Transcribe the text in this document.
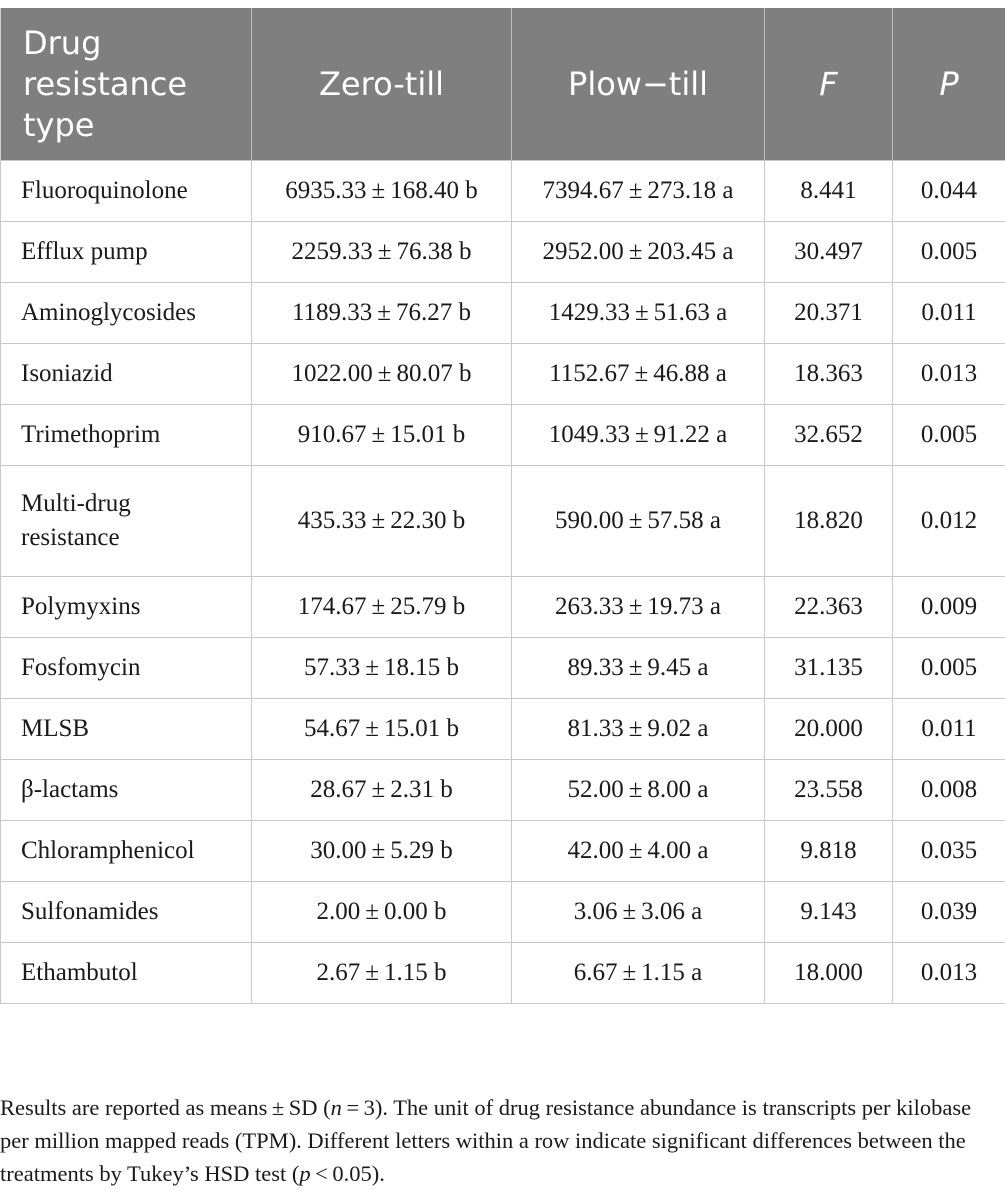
Drug resistance type	Zero-till	Plow−till	F	P
Fluoroquinolone	6935.33 ± 168.40 b	7394.67 ± 273.18 a	8.441	0.044
Efflux pump	2259.33 ± 76.38 b	2952.00 ± 203.45 a	30.497	0.005
Aminoglycosides	1189.33 ± 76.27 b	1429.33 ± 51.63 a	20.371	0.011
Isoniazid	1022.00 ± 80.07 b	1152.67 ± 46.88 a	18.363	0.013
Trimethoprim	910.67 ± 15.01 b	1049.33 ± 91.22 a	32.652	0.005
Multi-drug resistance	435.33 ± 22.30 b	590.00 ± 57.58 a	18.820	0.012
Polymyxins	174.67 ± 25.79 b	263.33 ± 19.73 a	22.363	0.009
Fosfomycin	57.33 ± 18.15 b	89.33 ± 9.45 a	31.135	0.005
MLSB	54.67 ± 15.01 b	81.33 ± 9.02 a	20.000	0.011
β-lactams	28.67 ± 2.31 b	52.00 ± 8.00 a	23.558	0.008
Chloramphenicol	30.00 ± 5.29 b	42.00 ± 4.00 a	9.818	0.035
Sulfonamides	2.00 ± 0.00 b	3.06 ± 3.06 a	9.143	0.039
Ethambutol	2.67 ± 1.15 b	6.67 ± 1.15 a	18.000	0.013

Results are reported as means ± SD (n = 3). The unit of drug resistance abundance is transcripts per kilobase per million mapped reads (TPM). Different letters within a row indicate significant differences between the treatments by Tukey’s HSD test (p < 0.05).
